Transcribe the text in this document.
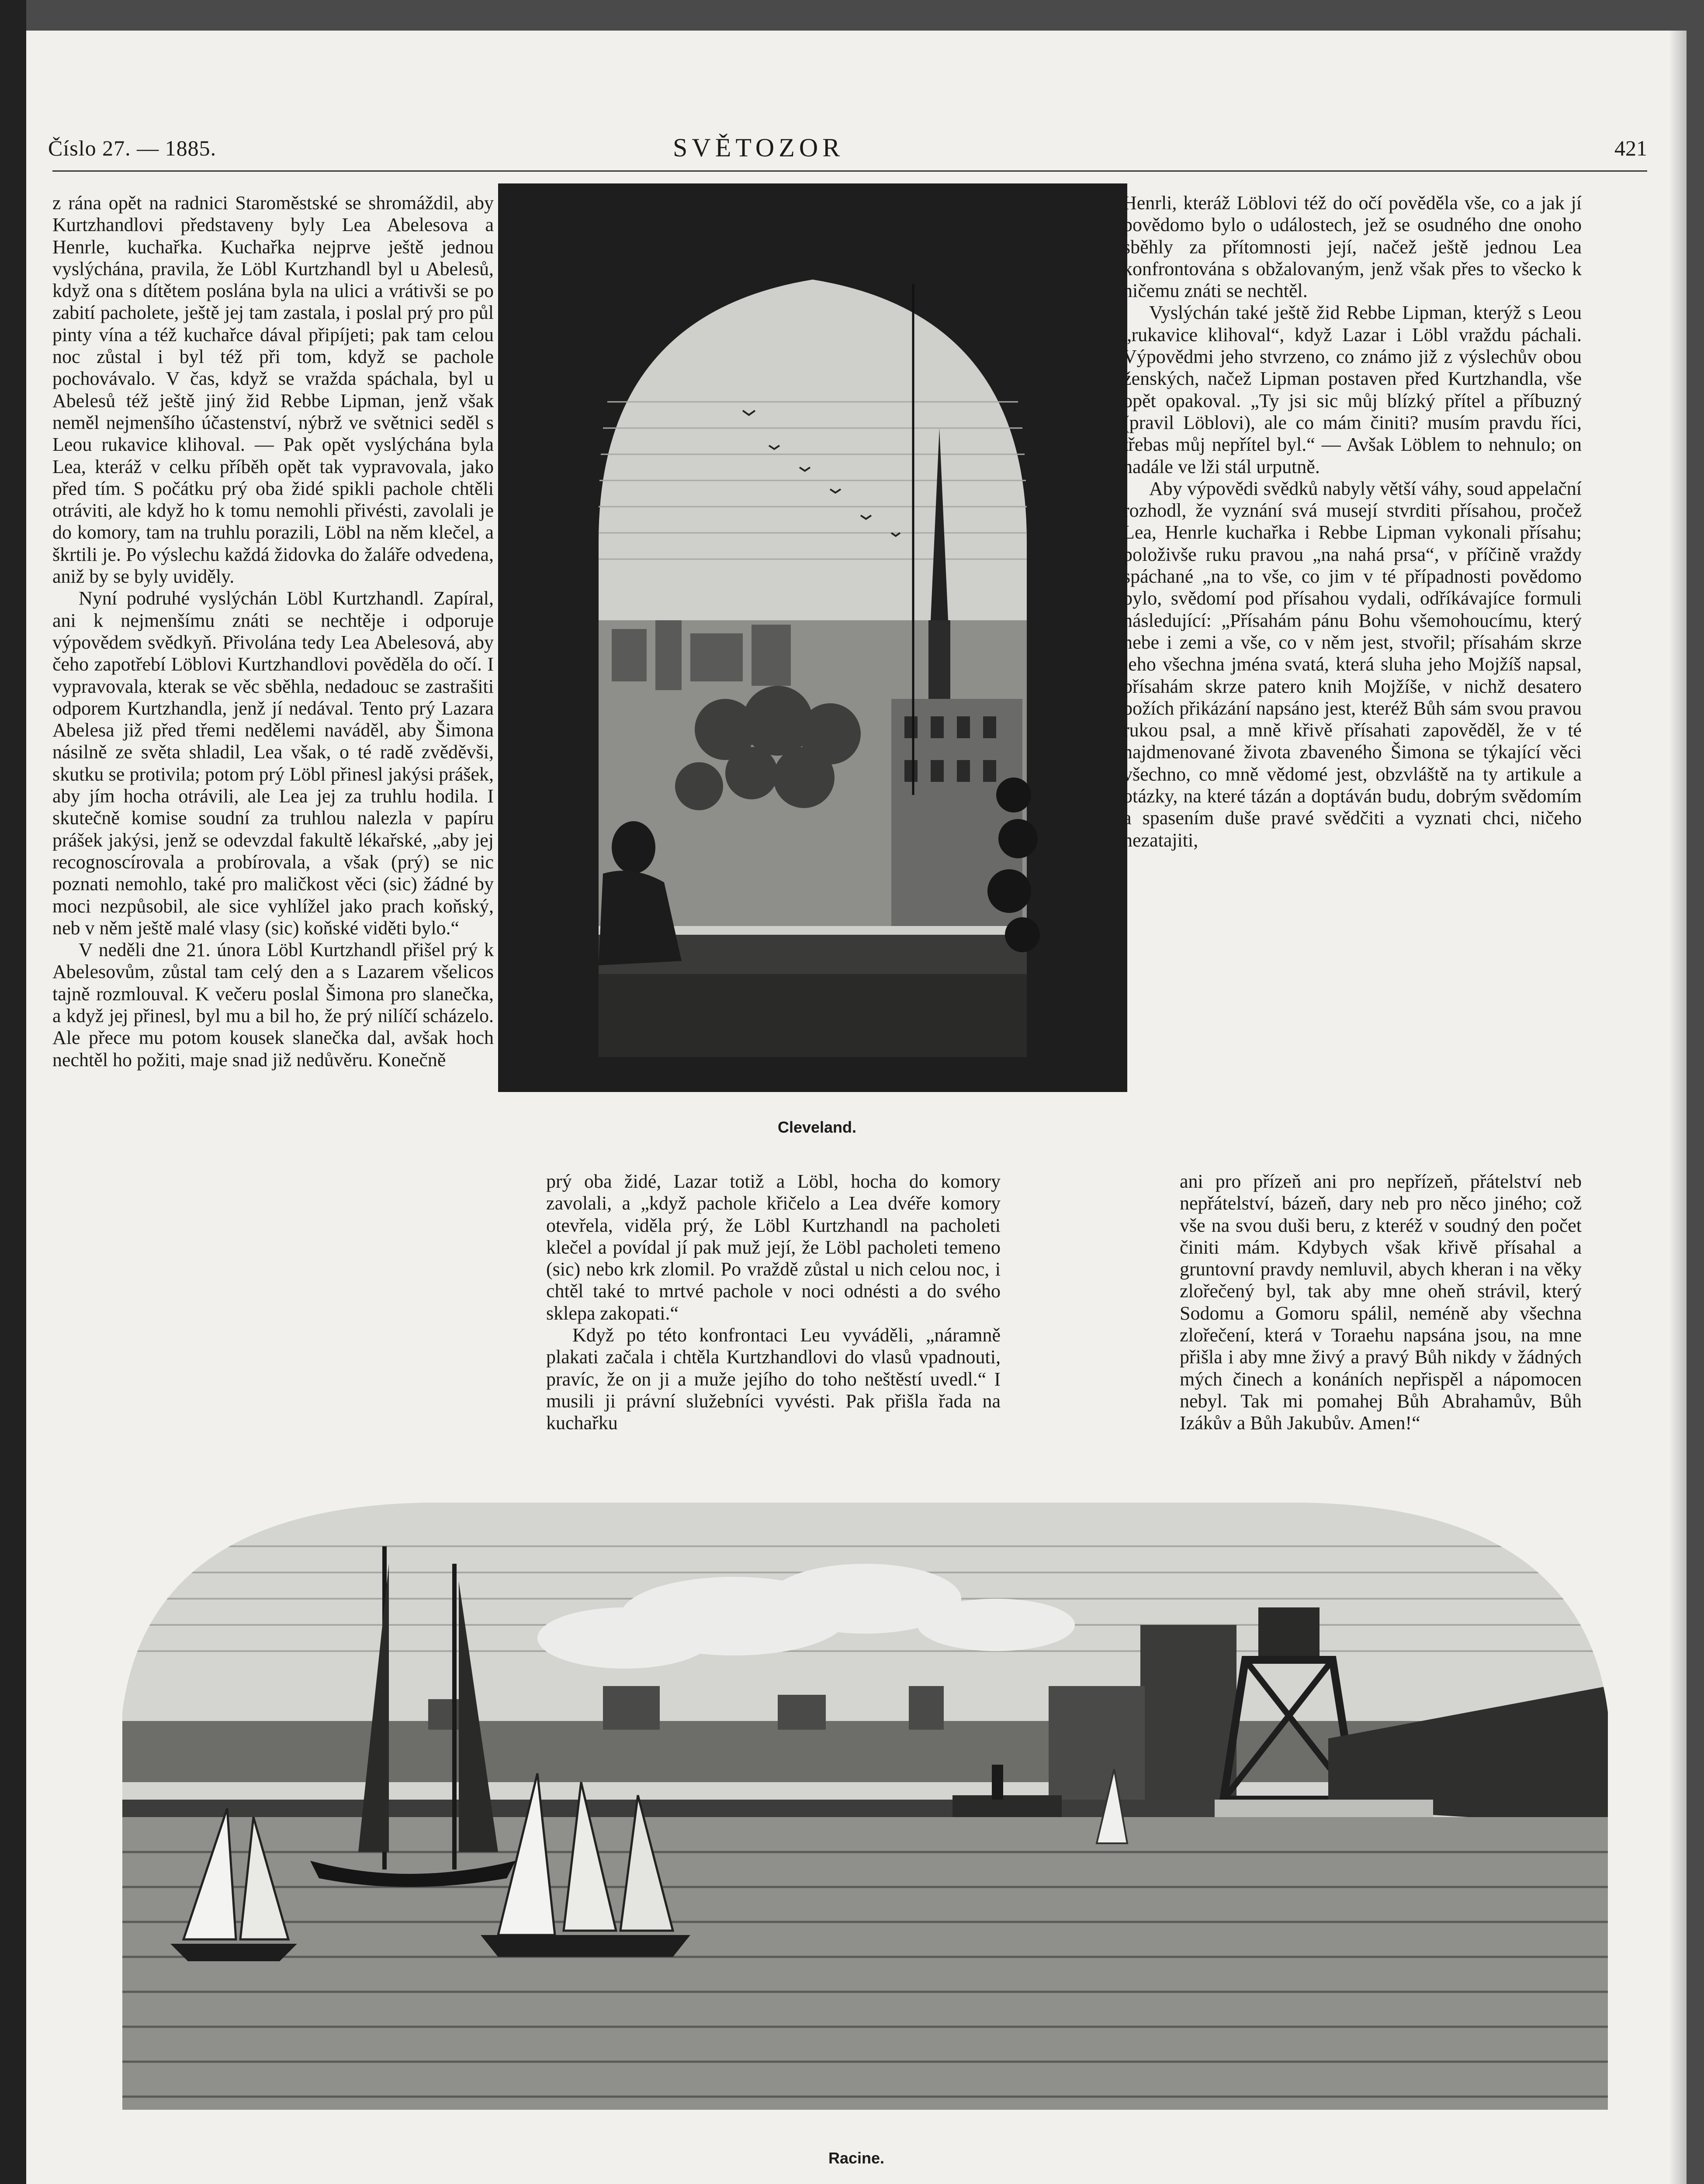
Číslo 27. — 1885.	SVĚTOZOR	421

z rána opět na radnici Staroměstské se shromáždil, aby Kurtzhandlovi představeny byly Lea Abelesova a Henrle, kuchařka. Kuchařka nejprve ještě jednou vyslýchána, pravila, že Löbl Kurtzhandl byl u Abelesů, když ona s dítětem poslána byla na ulici a vrátivši se po zabití pacholete, ještě jej tam zastala, i poslal prý pro půl pinty vína a též kuchařce dával připíjeti; pak tam celou noc zůstal i byl též při tom, když se pachole pochovávalo. V čas, když se vražda spáchala, byl u Abelesů též ještě jiný žid Rebbe Lipman, jenž však neměl nejmenšího účastenství, nýbrž ve světnici seděl s Leou rukavice klihoval. — Pak opět vyslýchána byla Lea, kteráž v celku příběh opět tak vypravovala, jako před tím. S počátku prý oba židé spikli pachole chtěli otráviti, ale když ho k tomu nemohli přivésti, zavolali je do komory, tam na truhlu porazili, Löbl na něm klečel, a škrtili je. Po výslechu každá židovka do žaláře odvedena, aniž by se byly uviděly.

Nyní podruhé vyslýchán Löbl Kurtzhandl. Zapíral, ani k nejmenšímu znáti se nechtěje i odporuje výpovědem svědkyň. Přivolána tedy Lea Abelesová, aby čeho zapotřebí Löblovi Kurtzhandlovi pověděla do očí. I vypravovala, kterak se věc sběhla, nedadouc se zastrašiti odporem Kurtzhandla, jenž jí nedával. Tento prý Lazara Abelesa již před třemi nedělemi naváděl, aby Šimona násilně ze světa shladil, Lea však, o té radě zvěděvši, skutku se protivila; potom prý Löbl přinesl jakýsi prášek, aby jím hocha otrávili, ale Lea jej za truhlu hodila. I skutečně komise soudní za truhlou nalezla v papíru prášek jakýsi, jenž se odevzdal fakultě lékařské, „aby jej recognoscírovala a probírovala, a však (prý) se nic poznati nemohlo, také pro maličkost věci (sic) žádné by moci nezpůsobil, ale sice vyhlížel jako prach koňský, neb v něm ještě malé vlasy (sic) koňské viděti bylo.“

V neděli dne 21. února Löbl Kurtzhandl přišel prý k Abelesovům, zůstal tam celý den a s Lazarem všelicos tajně rozmlouval. K večeru poslal Šimona pro slanečka, a když jej přinesl, byl mu a bil ho, že prý nilíčí scházelo. Ale přece mu potom kousek slanečka dal, avšak hoch nechtěl ho požiti, maje snad již nedůvěru. Konečně

Cleveland.

prý oba židé, Lazar totiž a Löbl, hocha do komory zavolali, a „když pachole křičelo a Lea dvéře komory otevřela, viděla prý, že Löbl Kurtzhandl na pacholeti klečel a povídal jí pak muž její, že Löbl pacholeti temeno (sic) nebo krk zlomil. Po vraždě zůstal u nich celou noc, i chtěl také to mrtvé pachole v noci odnésti a do svého sklepa zakopati.“

Když po této konfrontaci Leu vyváděli, „náramně plakati začala i chtěla Kurtzhandlovi do vlasů vpadnouti, pravíc, že on ji a muže jejího do toho neštěstí uvedl.“ I musili ji právní služebníci vyvésti. Pak přišla řada na kuchařku

Henrli, kteráž Löblovi též do očí pověděla vše, co a jak jí povědomo bylo o událostech, jež se osudného dne onoho sběhly za přítomnosti její, načež ještě jednou Lea konfrontována s obžalovaným, jenž však přes to všecko k ničemu znáti se nechtěl.

Vyslýchán také ještě žid Rebbe Lipman, kterýž s Leou „rukavice klihoval“, když Lazar i Löbl vraždu páchali. Výpovědmi jeho stvrzeno, co známo již z výslechův obou ženských, načež Lipman postaven před Kurtzhandla, vše opět opakoval. „Ty jsi sic můj blízký přítel a příbuzný (pravil Löblovi), ale co mám činiti? musím pravdu říci, třebas můj nepřítel byl.“ — Avšak Löblem to nehnulo; on nadále ve lži stál urputně.

Aby výpovědi svědků nabyly větší váhy, soud appelační rozhodl, že vyznání svá musejí stvrditi přísahou, pročež Lea, Henrle kuchařka i Rebbe Lipman vykonali přísahu; položivše ruku pravou „na nahá prsa“, v příčině vraždy spáchané „na to vše, co jim v té případnosti povědomo bylo, svědomí pod přísahou vydali, odříkávajíce formuli následující: „Přísahám pánu Bohu všemohoucímu, který nebe i zemi a vše, co v něm jest, stvořil; přísahám skrze jeho všechna jména svatá, která sluha jeho Mojžíš napsal, přísahám skrze patero knih Mojžíše, v nichž desatero božích přikázání napsáno jest, kteréž Bůh sám svou pravou rukou psal, a mně křivě přísahati zapověděl, že v té najdmenované života zbaveného Šimona se týkající věci všechno, co mně vědomé jest, obzvláště na ty artikule a otázky, na které tázán a doptáván budu, dobrým svědomím a spasením duše pravé svědčiti a vyznati chci, ničeho nezatajiti,

ani pro přízeň ani pro nepřízeň, přátelství neb nepřátelství, bázeň, dary neb pro něco jiného; což vše na svou duši beru, z kteréž v soudný den počet činiti mám. Kdybych však křivě přísahal a gruntovní pravdy nemluvil, abych kheran i na věky zlořečený byl, tak aby mne oheň strávil, který Sodomu a Gomoru spálil, neméně aby všechna zlořečení, která v Toraehu napsána jsou, na mne přišla i aby mne živý a pravý Bůh nikdy v žádných mých činech a konáních nepřispěl a nápomocen nebyl. Tak mi pomahej Bůh Abrahamův, Bůh Izákův a Bůh Jakubův. Amen!“

Racine.
